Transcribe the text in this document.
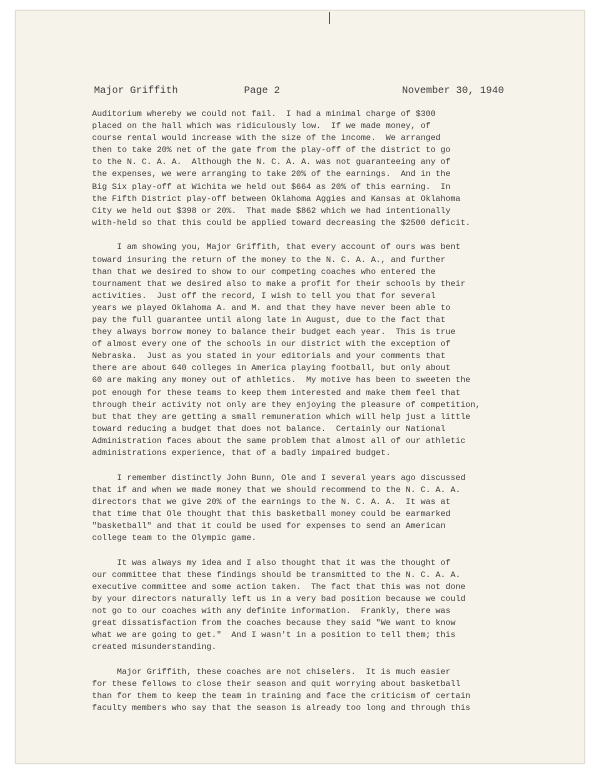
Major Griffith	Page 2	November 30, 1940
Auditorium whereby we could not fail.  I had a minimal charge of $300
placed on the hall which was ridiculously low.  If we made money, of
course rental would increase with the size of the income.  We arranged
then to take 20% net of the gate from the play-off of the district to go
to the N. C. A. A.  Although the N. C. A. A. was not guaranteeing any of
the expenses, we were arranging to take 20% of the earnings.  And in the
Big Six play-off at Wichita we held out $664 as 20% of this earning.  In
the Fifth District play-off between Oklahoma Aggies and Kansas at Oklahoma
City we held out $398 or 20%.  That made $862 which we had intentionally
with-held so that this could be applied toward decreasing the $2500 deficit.
I am showing you, Major Griffith, that every account of ours was bent
toward insuring the return of the money to the N. C. A. A., and further
than that we desired to show to our competing coaches who entered the
tournament that we desired also to make a profit for their schools by their
activities.  Just off the record, I wish to tell you that for several
years we played Oklahoma A. and M. and that they have never been able to
pay the full guarantee until along late in August, due to the fact that
they always borrow money to balance their budget each year.  This is true
of almost every one of the schools in our district with the exception of
Nebraska.  Just as you stated in your editorials and your comments that
there are about 640 colleges in America playing football, but only about
60 are making any money out of athletics.  My motive has been to sweeten the
pot enough for these teams to keep them interested and make them feel that
through their activity not only are they enjoying the pleasure of competition,
but that they are getting a small remuneration which will help just a little
toward reducing a budget that does not balance.  Certainly our National
Administration faces about the same problem that almost all of our athletic
administrations experience, that of a badly impaired budget.
I remember distinctly John Bunn, Ole and I several years ago discussed
that if and when we made money that we should recommend to the N. C. A. A.
directors that we give 20% of the earnings to the N. C. A. A.  It was at
that time that Ole thought that this basketball money could be earmarked
"basketball" and that it could be used for expenses to send an American
college team to the Olympic game.
It was always my idea and I also thought that it was the thought of
our committee that these findings should be transmitted to the N. C. A. A.
executive committee and some action taken.  The fact that this was not done
by your directors naturally left us in a very bad position because we could
not go to our coaches with any definite information.  Frankly, there was
great dissatisfaction from the coaches because they said "We want to know
what we are going to get."  And I wasn't in a position to tell them; this
created misunderstanding.
Major Griffith, these coaches are not chiselers.  It is much easier
for these fellows to close their season and quit worrying about basketball
than for them to keep the team in training and face the criticism of certain
faculty members who say that the season is already too long and through this
